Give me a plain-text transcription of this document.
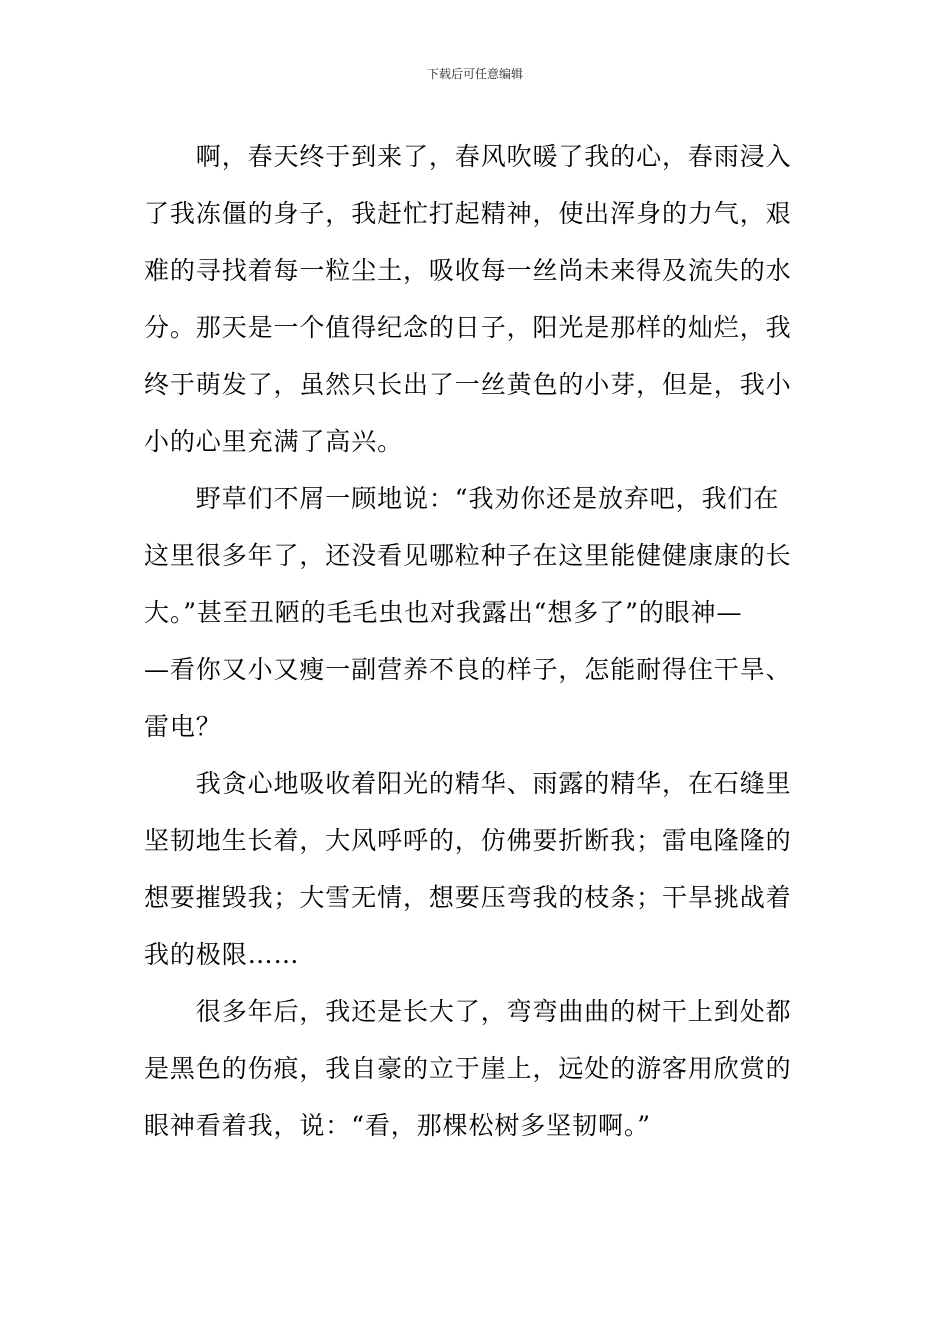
下载后可任意编辑
　　啊，春天终于到来了，春风吹暖了我的心，春雨浸入
了我冻僵的身子，我赶忙打起精神，使出浑身的力气，艰
难的寻找着每一粒尘土，吸收每一丝尚未来得及流失的水
分。那天是一个值得纪念的日子，阳光是那样的灿烂，我
终于萌发了，虽然只长出了一丝黄色的小芽，但是，我小
小的心里充满了高兴。
　　野草们不屑一顾地说：“我劝你还是放弃吧，我们在
这里很多年了，还没看见哪粒种子在这里能健健康康的长
大。”甚至丑陋的毛毛虫也对我露出“想多了”的眼神—
—看你又小又瘦一副营养不良的样子，怎能耐得住干旱、
雷电？
　　我贪心地吸收着阳光的精华、雨露的精华，在石缝里
坚韧地生长着，大风呼呼的，仿佛要折断我；雷电隆隆的
想要摧毁我；大雪无情，想要压弯我的枝条；干旱挑战着
我的极限……
　　很多年后，我还是长大了，弯弯曲曲的树干上到处都
是黑色的伤痕，我自豪的立于崖上，远处的游客用欣赏的
眼神看着我，说：“看，那棵松树多坚韧啊。”
